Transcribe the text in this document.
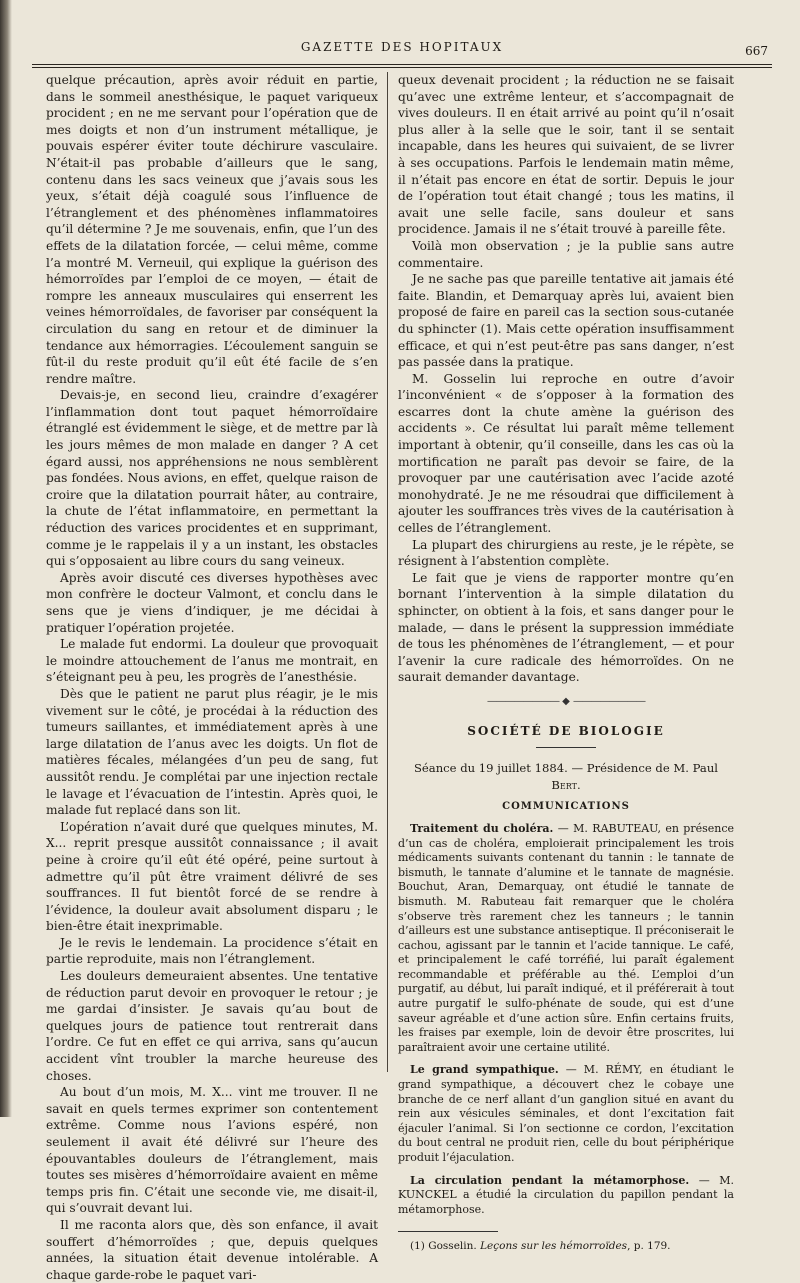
GAZETTE DES HOPITAUX	667

quelque précaution, après avoir réduit en partie, dans le sommeil anesthésique, le paquet variqueux procident ; en ne me servant pour l’opération que de mes doigts et non d’un instrument métallique, je pouvais espérer éviter toute déchirure vasculaire. N’était-il pas probable d’ailleurs que le sang, contenu dans les sacs veineux que j’avais sous les yeux, s’était déjà coagulé sous l’influence de l’étranglement et des phénomènes inflammatoires qu’il détermine ? Je me souvenais, enfin, que l’un des effets de la dilatation forcée, — celui même, comme l’a montré M. Verneuil, qui explique la guérison des hémorroïdes par l’emploi de ce moyen, — était de rompre les anneaux musculaires qui enserrent les veines hémorroïdales, de favoriser par conséquent la circulation du sang en retour et de diminuer la tendance aux hémorragies. L’écoulement sanguin se fût-il du reste produit qu’il eût été facile de s’en rendre maître.

Devais-je, en second lieu, craindre d’exagérer l’inflammation dont tout paquet hémorroïdaire étranglé est évidemment le siège, et de mettre par là les jours mêmes de mon malade en danger ? A cet égard aussi, nos appréhensions ne nous semblèrent pas fondées. Nous avions, en effet, quelque raison de croire que la dilatation pourrait hâter, au contraire, la chute de l’état inflammatoire, en permettant la réduction des varices procidentes et en supprimant, comme je le rappelais il y a un instant, les obstacles qui s’opposaient au libre cours du sang veineux.

Après avoir discuté ces diverses hypothèses avec mon confrère le docteur Valmont, et conclu dans le sens que je viens d’indiquer, je me décidai à pratiquer l’opération projetée.

Le malade fut endormi. La douleur que provoquait le moindre attouchement de l’anus me montrait, en s’éteignant peu à peu, les progrès de l’anesthésie.

Dès que le patient ne parut plus réagir, je le mis vivement sur le côté, je procédai à la réduction des tumeurs saillantes, et immédiatement après à une large dilatation de l’anus avec les doigts. Un flot de matières fécales, mélangées d’un peu de sang, fut aussitôt rendu. Je complétai par une injection rectale le lavage et l’évacuation de l’intestin. Après quoi, le malade fut replacé dans son lit.

L’opération n’avait duré que quelques minutes, M. X... reprit presque aussitôt connaissance ; il avait peine à croire qu’il eût été opéré, peine surtout à admettre qu’il pût être vraiment délivré de ses souffrances. Il fut bientôt forcé de se rendre à l’évidence, la douleur avait absolument disparu ; le bien-être était inexprimable.

Je le revis le lendemain. La procidence s’était en partie reproduite, mais non l’étranglement.

Les douleurs demeuraient absentes. Une tentative de réduction parut devoir en provoquer le retour ; je me gardai d’insister. Je savais qu’au bout de quelques jours de patience tout rentrerait dans l’ordre. Ce fut en effet ce qui arriva, sans qu’aucun accident vînt troubler la marche heureuse des choses.

Au bout d’un mois, M. X... vint me trouver. Il ne savait en quels termes exprimer son contentement extrême. Comme nous l’avions espéré, non seulement il avait été délivré sur l’heure des épouvantables douleurs de l’étranglement, mais toutes ses misères d’hémorroïdaire avaient en même temps pris fin. C’était une seconde vie, me disait-il, qui s’ouvrait devant lui.

Il me raconta alors que, dès son enfance, il avait souffert d’hémorroïdes ; que, depuis quelques années, la situation était devenue intolérable. A chaque garde-robe le paquet vari-

queux devenait procident ; la réduction ne se faisait qu’avec une extrême lenteur, et s’accompagnait de vives douleurs. Il en était arrivé au point qu’il n’osait plus aller à la selle que le soir, tant il se sentait incapable, dans les heures qui suivaient, de se livrer à ses occupations. Parfois le lendemain matin même, il n’était pas encore en état de sortir. Depuis le jour de l’opération tout était changé ; tous les matins, il avait une selle facile, sans douleur et sans procidence. Jamais il ne s’était trouvé à pareille fête.

Voilà mon observation ; je la publie sans autre commentaire.

Je ne sache pas que pareille tentative ait jamais été faite. Blandin, et Demarquay après lui, avaient bien proposé de faire en pareil cas la section sous-cutanée du sphincter (1). Mais cette opération insuffisamment efficace, et qui n’est peut-être pas sans danger, n’est pas passée dans la pratique.

M. Gosselin lui reproche en outre d’avoir l’inconvénient « de s’opposer à la formation des escarres dont la chute amène la guérison des accidents ». Ce résultat lui paraît même tellement important à obtenir, qu’il conseille, dans les cas où la mortification ne paraît pas devoir se faire, de la provoquer par une cautérisation avec l’acide azoté monohydraté. Je ne me résoudrai que difficilement à ajouter les souffrances très vives de la cautérisation à celles de l’étranglement.

La plupart des chirurgiens au reste, je le répète, se résignent à l’abstention complète.

Le fait que je viens de rapporter montre qu’en bornant l’intervention à la simple dilatation du sphincter, on obtient à la fois, et sans danger pour le malade, — dans le présent la suppression immédiate de tous les phénomènes de l’étranglement, — et pour l’avenir la cure radicale des hémorroïdes. On ne saurait demander davantage.

———————— ◆ ————————
SOCIÉTÉ DE BIOLOGIE
Séance du 19 juillet 1884. — Présidence de M. Paul Bert.
COMMUNICATIONS

Traitement du choléra. — M. RABUTEAU, en présence d’un cas de choléra, emploierait principalement les trois médicaments suivants contenant du tannin : le tannate de bismuth, le tannate d’alumine et le tannate de magnésie. Bouchut, Aran, Demarquay, ont étudié le tannate de bismuth. M. Rabuteau fait remarquer que le choléra s’observe très rarement chez les tanneurs ; le tannin d’ailleurs est une substance antiseptique. Il préconiserait le cachou, agissant par le tannin et l’acide tannique. Le café, et principalement le café torréfié, lui paraît également recommandable et préférable au thé. L’emploi d’un purgatif, au début, lui paraît indiqué, et il préférerait à tout autre purgatif le sulfo-phénate de soude, qui est d’une saveur agréable et d’une action sûre. Enfin certains fruits, les fraises par exemple, loin de devoir être proscrites, lui paraîtraient avoir une certaine utilité.

Le grand sympathique. — M. RÉMY, en étudiant le grand sympathique, a découvert chez le cobaye une branche de ce nerf allant d’un ganglion situé en avant du rein aux vésicules séminales, et dont l’excitation fait éjaculer l’animal. Si l’on sectionne ce cordon, l’excitation du bout central ne produit rien, celle du bout périphérique produit l’éjaculation.

La circulation pendant la métamorphose. — M. KUNCKEL a étudié la circulation du papillon pendant la métamorphose.

(1) Gosselin. Leçons sur les hémorroïdes, p. 179.
